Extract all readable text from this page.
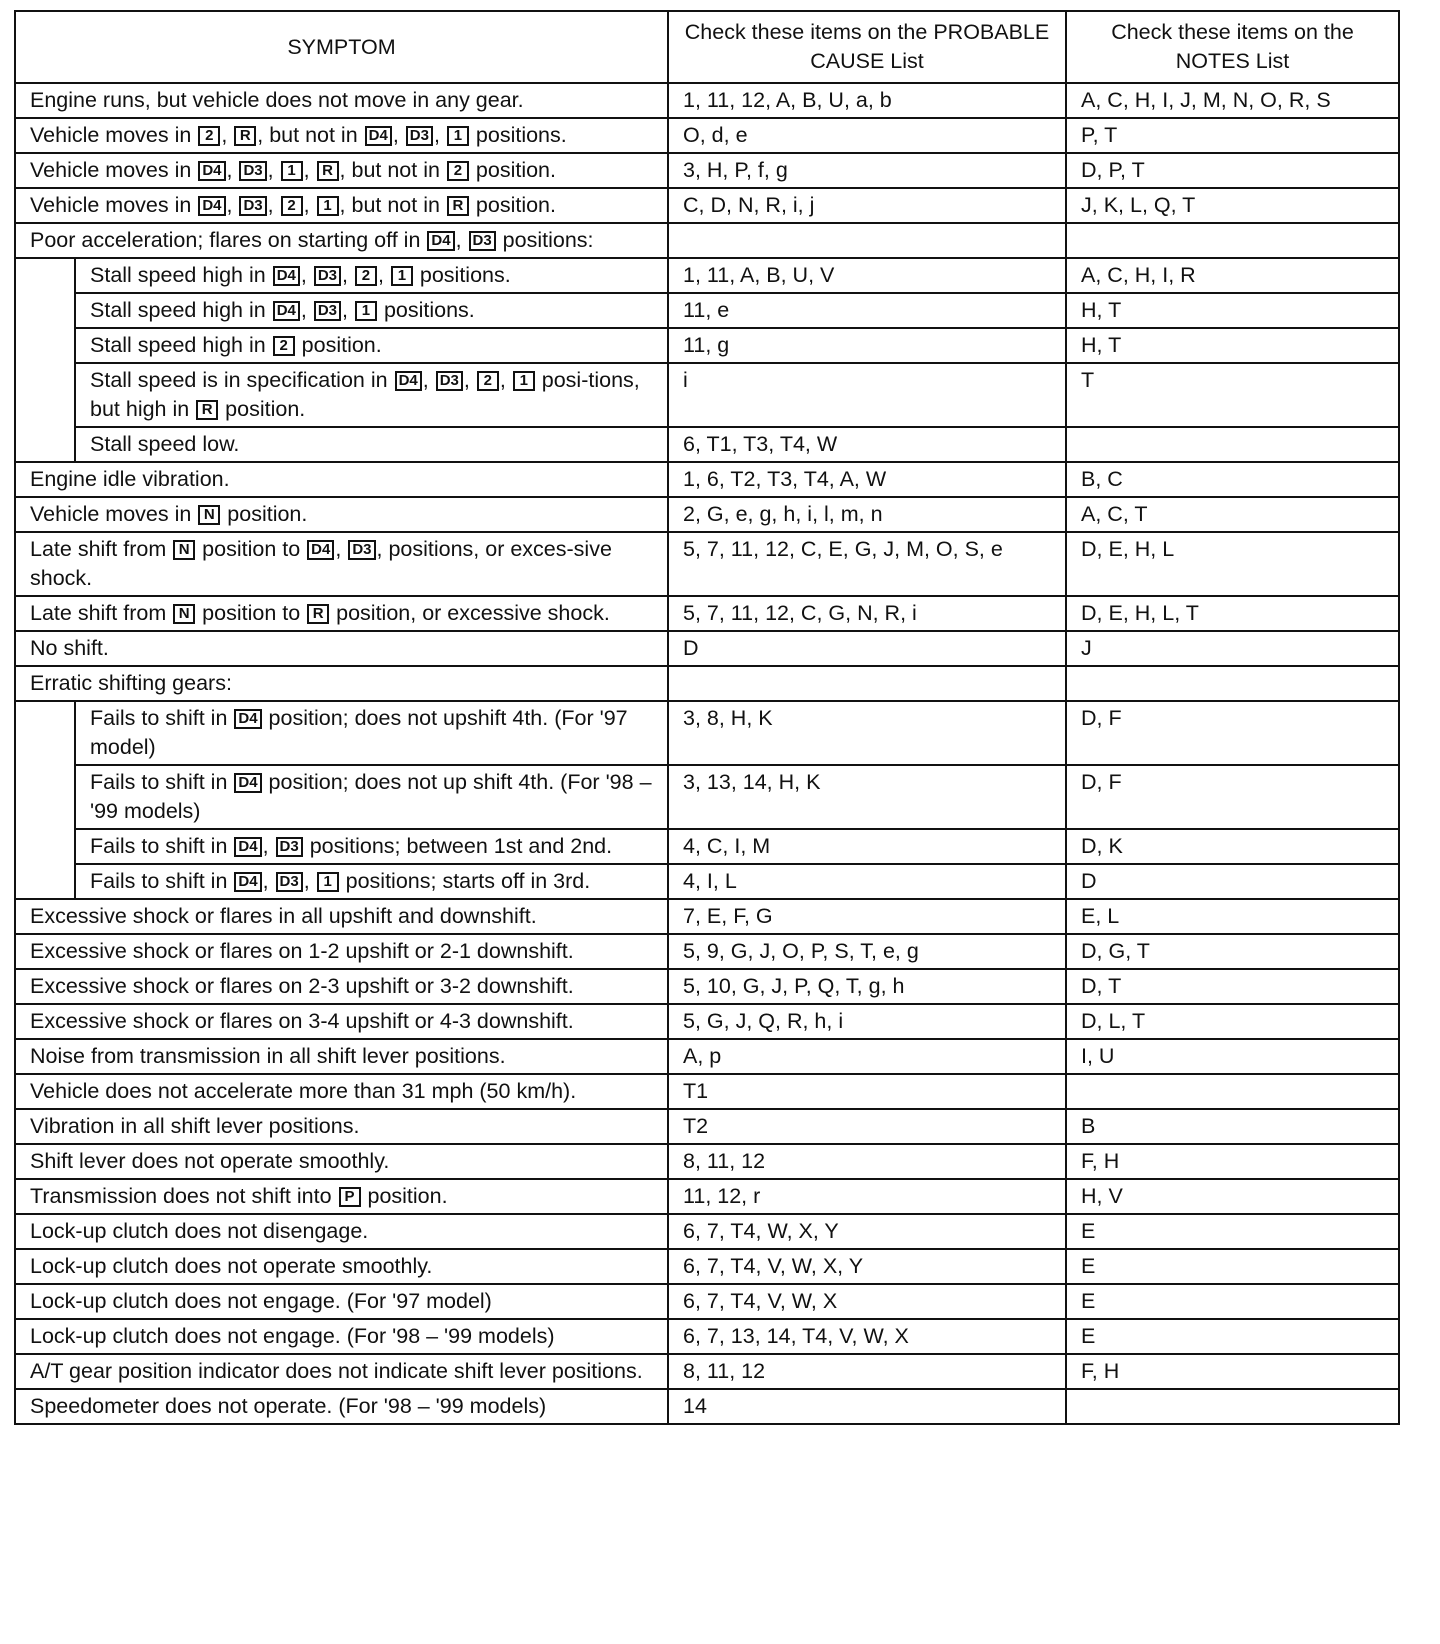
SYMPTOM		Check these items on the PROBABLE CAUSE List	Check these items on the NOTES List
Engine runs, but vehicle does not move in any gear.		1, 11, 12, A, B, U, a, b	A, C, H, I, J, M, N, O, R, S
Vehicle moves in 2 , R , but not in D4 , D3 , 1 positions.		O, d, e	P, T
Vehicle moves in D4 , D3 , 1 , R , but not in 2 position.		3, H, P, f, g	D, P, T
Vehicle moves in D4 , D3 , 2 , 1 , but not in R position.		C, D, N, R, i, j	J, K, L, Q, T
Poor acceleration; flares on starting off in D4 , D3 positions:			
	Stall speed high in D4 , D3 , 2 , 1 positions.	1, 11, A, B, U, V	A, C, H, I, R
	Stall speed high in D4 , D3 , 1 positions.	11, e	H, T
	Stall speed high in 2 position.	11, g	H, T
	Stall speed is in specification in D4 , D3 , 2 , 1 posi-tions, but high in R position.	i	T
	Stall speed low.	6, T1, T3, T4, W	
Engine idle vibration.		1, 6, T2, T3, T4, A, W	B, C
Vehicle moves in N position.		2, G, e, g, h, i, l, m, n	A, C, T
Late shift from N position to D4 , D3 , positions, or exces-sive shock.		5, 7, 11, 12, C, E, G, J, M, O, S, e	D, E, H, L
Late shift from N position to R position, or excessive shock.		5, 7, 11, 12, C, G, N, R, i	D, E, H, L, T
No shift.		D	J
Erratic shifting gears:			
	Fails to shift in D4 position; does not upshift 4th. (For '97 model)	3, 8, H, K	D, F
	Fails to shift in D4 position; does not up shift 4th. (For '98 – '99 models)	3, 13, 14, H, K	D, F
	Fails to shift in D4 , D3 positions; between 1st and 2nd.	4, C, I, M	D, K
	Fails to shift in D4 , D3 , 1 positions; starts off in 3rd.	4, I, L	D
Excessive shock or flares in all upshift and downshift.		7, E, F, G	E, L
Excessive shock or flares on 1-2 upshift or 2-1 downshift.		5, 9, G, J, O, P, S, T, e, g	D, G, T
Excessive shock or flares on 2-3 upshift or 3-2 downshift.		5, 10, G, J, P, Q, T, g, h	D, T
Excessive shock or flares on 3-4 upshift or 4-3 downshift.		5, G, J, Q, R, h, i	D, L, T
Noise from transmission in all shift lever positions.		A, p	I, U
Vehicle does not accelerate more than 31 mph (50 km/h).		T1	
Vibration in all shift lever positions.		T2	B
Shift lever does not operate smoothly.		8, 11, 12	F, H
Transmission does not shift into P position.		11, 12, r	H, V
Lock-up clutch does not disengage.		6, 7, T4, W, X, Y	E
Lock-up clutch does not operate smoothly.		6, 7, T4, V, W, X, Y	E
Lock-up clutch does not engage. (For '97 model)		6, 7, T4, V, W, X	E
Lock-up clutch does not engage. (For '98 – '99 models)		6, 7, 13, 14, T4, V, W, X	E
A/T gear position indicator does not indicate shift lever positions.		8, 11, 12	F, H
Speedometer does not operate. (For '98 – '99 models)		14	
